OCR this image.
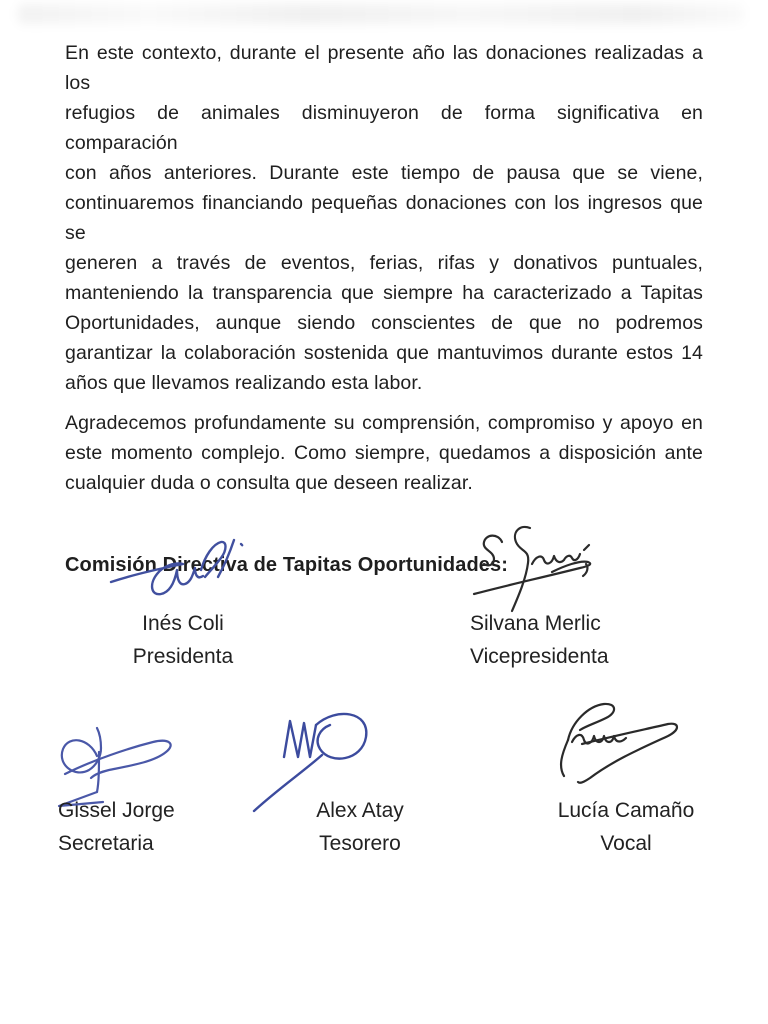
En este contexto, durante el presente año las donaciones realizadas a los
refugios de animales disminuyeron de forma significativa en comparación
con años anteriores. Durante este tiempo de pausa que se viene,
continuaremos financiando pequeñas donaciones con los ingresos que se
generen a través de eventos, ferias, rifas y donativos puntuales,
manteniendo la transparencia que siempre ha caracterizado a Tapitas
Oportunidades, aunque siendo conscientes de que no podremos
garantizar la colaboración sostenida que mantuvimos durante estos 14
años que llevamos realizando esta labor.
Agradecemos profundamente su comprensión, compromiso y apoyo en
este momento complejo. Como siempre, quedamos a disposición ante
cualquier duda o consulta que deseen realizar.
Comisión Directiva de Tapitas Oportunidades:
Inés Coli
Presidenta
Silvana Merlic
Vicepresidenta
Gissel Jorge
Secretaria
Alex Atay
Tesorero
Lucía Camaño
Vocal
